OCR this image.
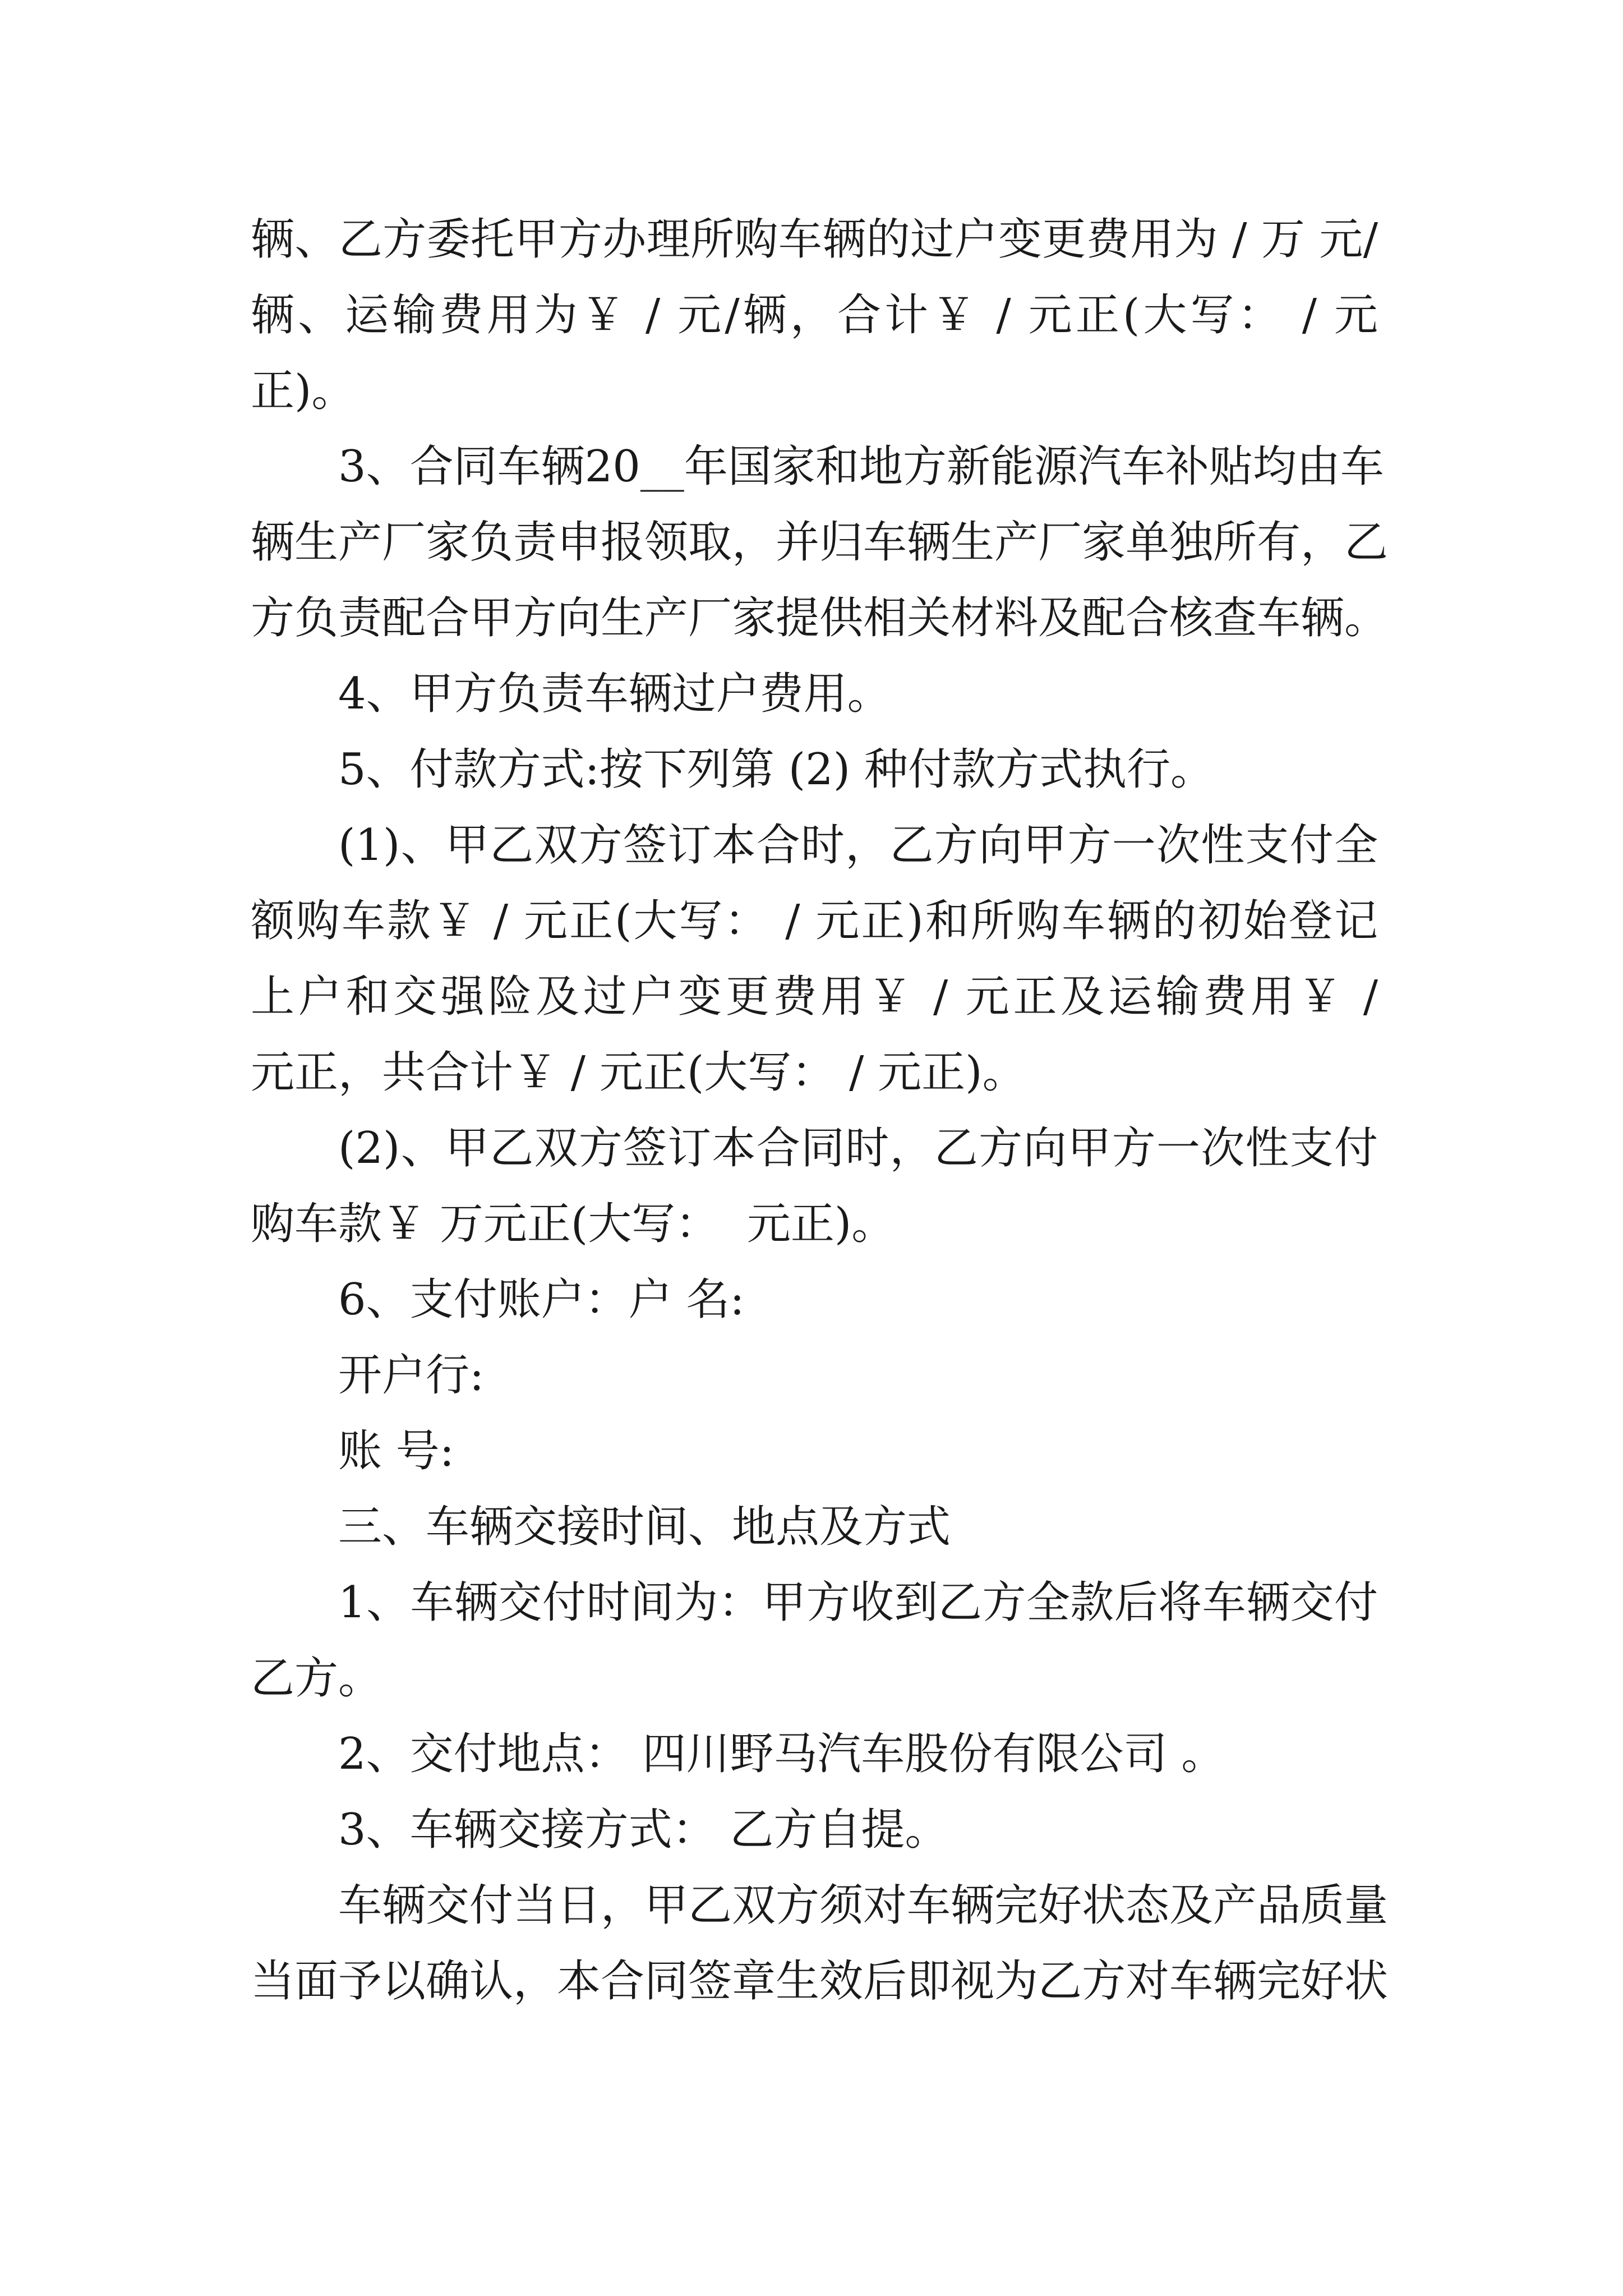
辆、乙方委托甲方办理所购车辆的过户变更费用为 / 万 元/
辆、运输费用为￥ / 元/辆，合计￥ / 元正(大写： / 元
正)。
3、合同车辆20__年国家和地方新能源汽车补贴均由车
辆生产厂家负责申报领取，并归车辆生产厂家单独所有，乙
方负责配合甲方向生产厂家提供相关材料及配合核查车辆。
4、甲方负责车辆过户费用。
5、付款方式:按下列第 (2) 种付款方式执行。
(1)、甲乙双方签订本合时，乙方向甲方一次性支付全
额购车款￥ / 元正(大写： / 元正)和所购车辆的初始登记
上户和交强险及过户变更费用￥ / 元正及运输费用￥ /
元正，共合计￥ / 元正(大写： / 元正)。
(2)、甲乙双方签订本合同时，乙方向甲方一次性支付
购车款￥ 万元正(大写：  元正)。
6、支付账户：户 名:
开户行:
账 号:
三、车辆交接时间、地点及方式
1、车辆交付时间为：甲方收到乙方全款后将车辆交付
乙方。
2、交付地点： 四川野马汽车股份有限公司 。
3、车辆交接方式： 乙方自提。
车辆交付当日，甲乙双方须对车辆完好状态及产品质量
当面予以确认，本合同签章生效后即视为乙方对车辆完好状
